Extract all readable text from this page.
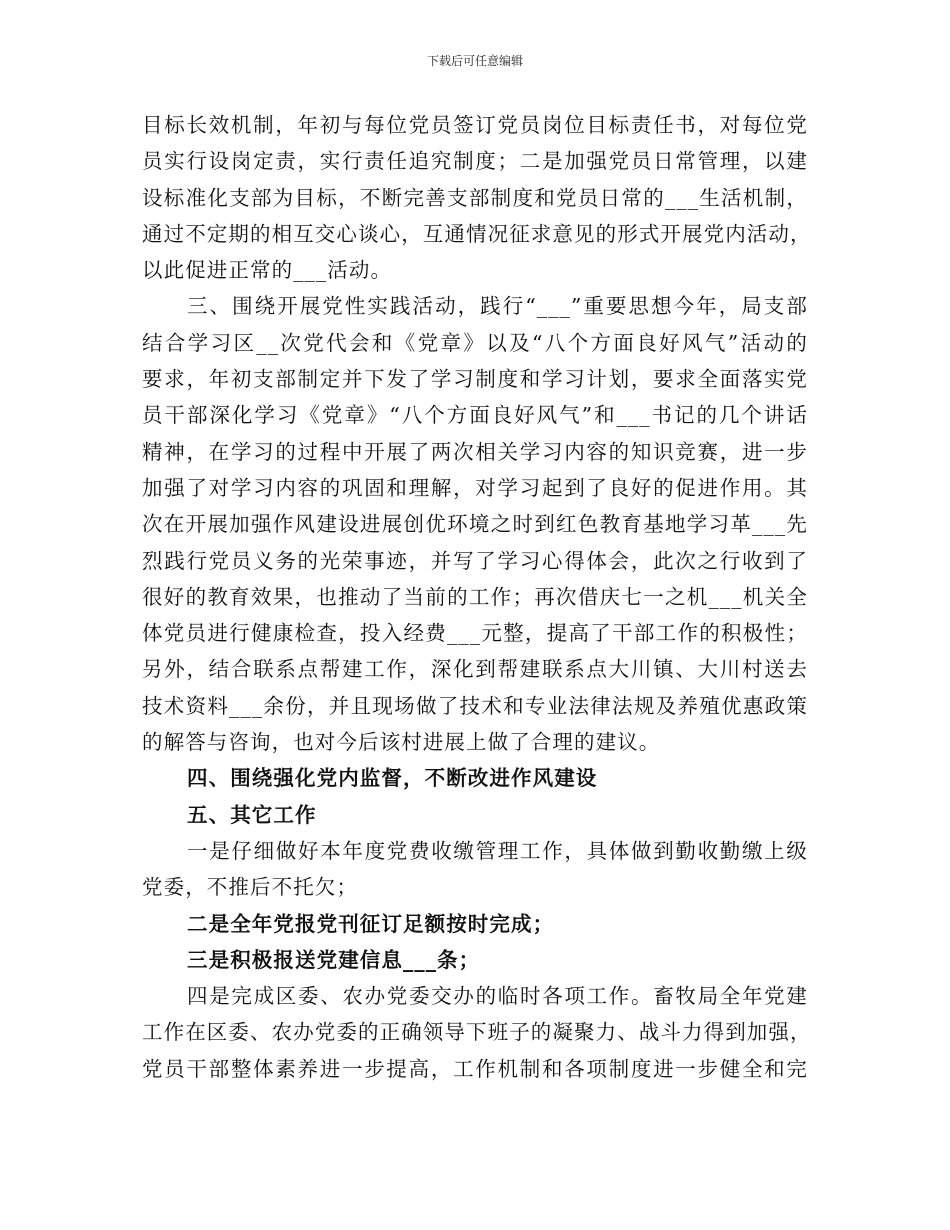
下载后可任意编辑
目标长效机制，年初与每位党员签订党员岗位目标责任书，对每位党
员实行设岗定责，实行责任追究制度；二是加强党员日常管理，以建
设标准化支部为目标，不断完善支部制度和党员日常的___生活机制，
通过不定期的相互交心谈心，互通情况征求意见的形式开展党内活动，
以此促进正常的___活动。
三、围绕开展党性实践活动，践行“___”重要思想今年，局支部
结合学习区__次党代会和《党章》以及“八个方面良好风气”活动的
要求，年初支部制定并下发了学习制度和学习计划，要求全面落实党
员干部深化学习《党章》“八个方面良好风气”和___书记的几个讲话
精神，在学习的过程中开展了两次相关学习内容的知识竞赛，进一步
加强了对学习内容的巩固和理解，对学习起到了良好的促进作用。其
次在开展加强作风建设进展创优环境之时到红色教育基地学习革___先
烈践行党员义务的光荣事迹，并写了学习心得体会，此次之行收到了
很好的教育效果，也推动了当前的工作；再次借庆七一之机___机关全
体党员进行健康检查，投入经费___元整，提高了干部工作的积极性；
另外，结合联系点帮建工作，深化到帮建联系点大川镇、大川村送去
技术资料___余份，并且现场做了技术和专业法律法规及养殖优惠政策
的解答与咨询，也对今后该村进展上做了合理的建议。
四、围绕强化党内监督，不断改进作风建设
五、其它工作
一是仔细做好本年度党费收缴管理工作，具体做到勤收勤缴上级
党委，不推后不托欠；
二是全年党报党刊征订足额按时完成；
三是积极报送党建信息___条；
四是完成区委、农办党委交办的临时各项工作。畜牧局全年党建
工作在区委、农办党委的正确领导下班子的凝聚力、战斗力得到加强，
党员干部整体素养进一步提高，工作机制和各项制度进一步健全和完
